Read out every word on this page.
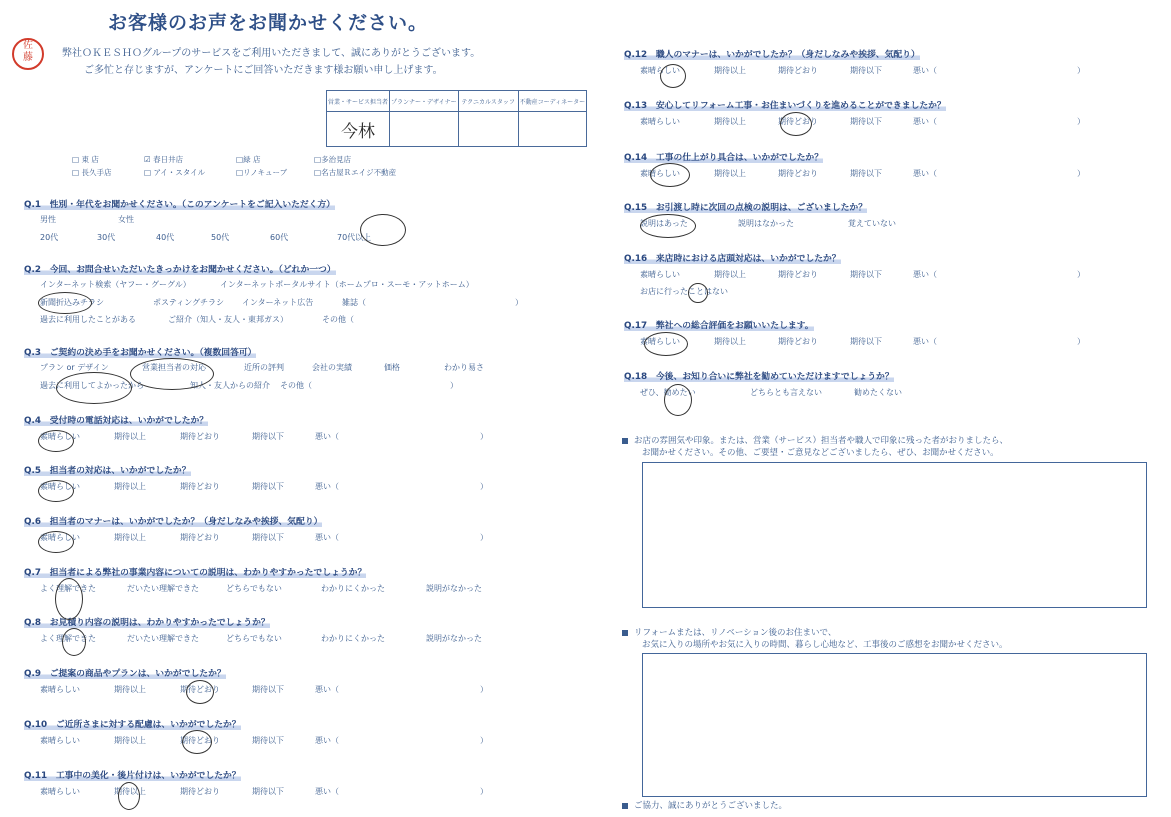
お客様のお声をお聞かせください。
佐
藤	弊社ＯＫＥＳＨＯグループのサービスをご利用いただきまして、誠にありがとうございます。
ご多忙と存じますが、アンケートにご回答いただきます様お願い申し上げます。
営業・サービス担当者	プランナー・デザイナー	テクニカルスタッフ	不動産コーディネーター
今林			
□ 東 店	☑ 春日井店	□緑 店	□多治見店
□ 長久手店	□ アイ・スタイル	□リノキューブ	□名古屋Ｒエイジ不動産
Q.1　性別・年代をお聞かせください。（このアンケートをご記入いただく方）
男性	女性
20代	30代	40代	50代	60代	70代以上
Q.2　今回、お問合せいただいたきっかけをお聞かせください。（どれか一つ）
インターネット検索（ヤフー・グーグル）	インターネットポータルサイト（ホームプロ・スーモ・アットホーム）
新聞折込みチラシ	ポスティングチラシ インターネット広告	雑誌（	）
過去に利用したことがある	ご紹介（知人・友人・東邦ガス）	その他（
Q.3　ご契約の決め手をお聞かせください。（複数回答可）
プラン or デザイン	営業担当者の対応	近所の評判	会社の実績	価格	わかり易さ
過去に利用してよかったから	知人・友人からの紹介 その他（	）
Q.4　受付時の電話対応は、いかがでしたか？
素晴らしい	期待以上	期待どおり	期待以下	悪い（	）
Q.5　担当者の対応は、いかがでしたか？
素晴らしい	期待以上	期待どおり	期待以下	悪い（	）
Q.6　担当者のマナーは、いかがでしたか？（身だしなみや挨拶、気配り）
素晴らしい	期待以上	期待どおり	期待以下	悪い（	）
Q.7　担当者による弊社の事業内容についての説明は、わかりやすかったでしょうか？
よく理解できた	だいたい理解できた	どちらでもない	わかりにくかった	説明がなかった
Q.8　お見積り内容の説明は、わかりやすかったでしょうか？
よく理解できた	だいたい理解できた	どちらでもない	わかりにくかった	説明がなかった
Q.9　ご提案の商品やプランは、いかがでしたか？
素晴らしい	期待以上	期待どおり	期待以下	悪い（	）
Q.10　ご近所さまに対する配慮は、いかがでしたか？
素晴らしい	期待以上	期待どおり	期待以下	悪い（	）
Q.11　工事中の美化・後片付けは、いかがでしたか？
素晴らしい	期待以上	期待どおり	期待以下	悪い（	）
Q.12　職人のマナーは、いかがでしたか？（身だしなみや挨拶、気配り）
素晴らしい	期待以上	期待どおり	期待以下	悪い（	）
Q.13　安心してリフォーム工事・お住まいづくりを進めることができましたか？
素晴らしい	期待以上	期待どおり	期待以下	悪い（	）
Q.14　工事の仕上がり具合は、いかがでしたか？
素晴らしい	期待以上	期待どおり	期待以下	悪い（	）
Q.15　お引渡し時に次回の点検の説明は、ございましたか？
説明はあった	説明はなかった	覚えていない
Q.16　来店時における店頭対応は、いかがでしたか？
素晴らしい	期待以上	期待どおり	期待以下	悪い（	）
お店に行ったことはない
Q.17　弊社への総合評価をお願いいたします。
素晴らしい	期待以上	期待どおり	期待以下	悪い（	）
Q.18　今後、お知り合いに弊社を勧めていただけますでしょうか？
ぜひ、勧めたい	どちらとも言えない	勧めたくない
お店の雰囲気や印象。または、営業（サービス）担当者や職人で印象に残った者がおりましたら、
お聞かせください。その他、ご要望・ご意見などございましたら、ぜひ、お聞かせください。
リフォームまたは、リノベーション後のお住まいで、
お気に入りの場所やお気に入りの時間、暮らし心地など、工事後のご感想をお聞かせください。
ご協力、誠にありがとうございました。
